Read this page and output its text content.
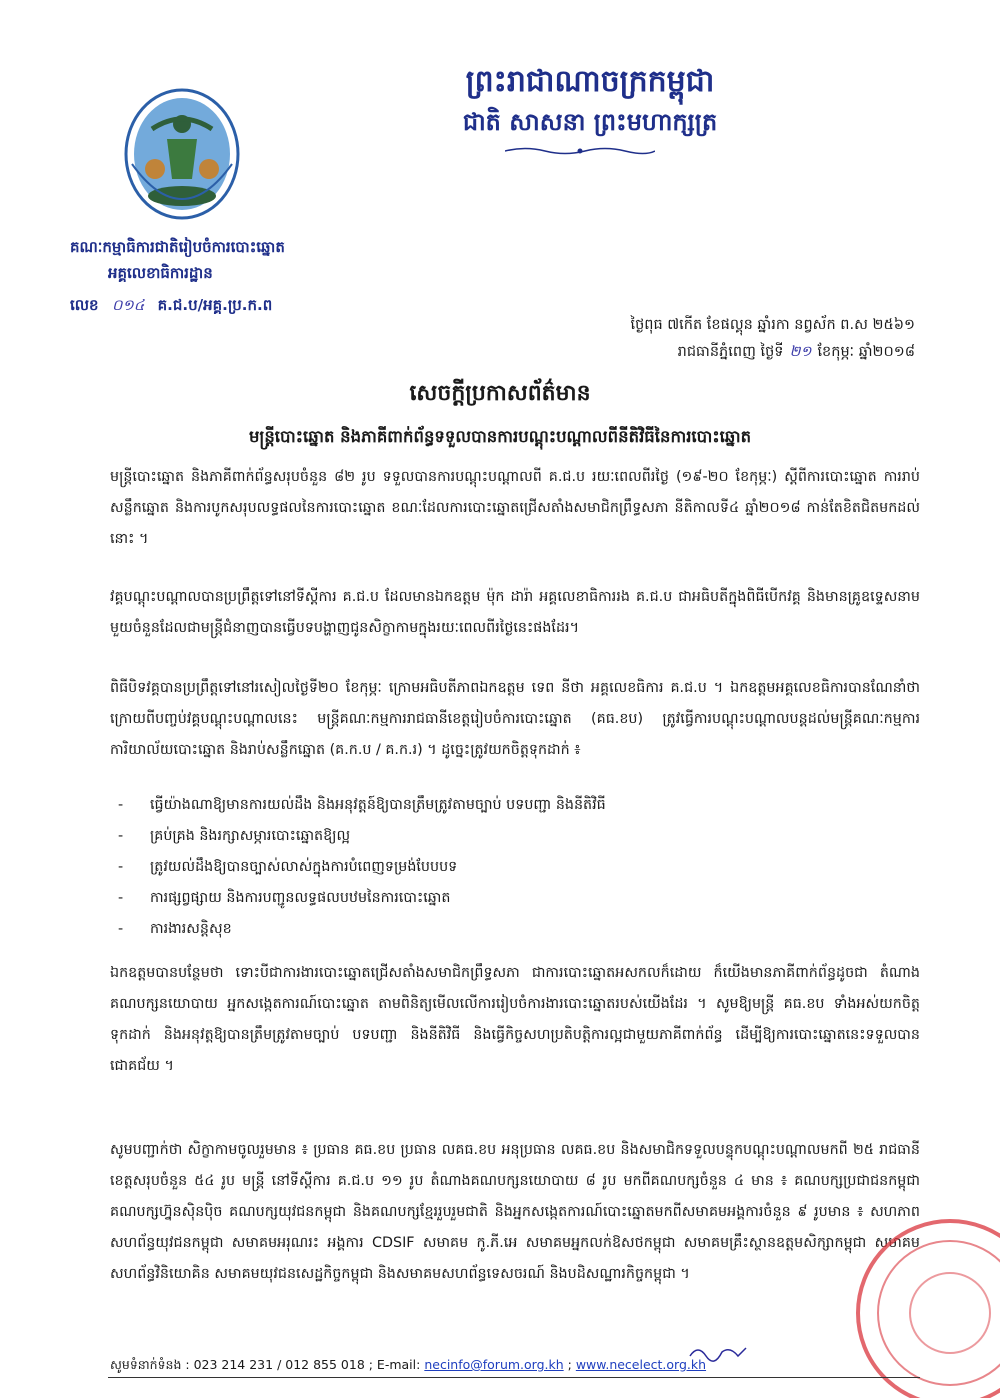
ព្រះរាជាណាចក្រកម្ពុជា
ជាតិ សាសនា ព្រះមហាក្សត្រ
គណៈកម្មាធិការជាតិរៀបចំការបោះឆ្នោត
អគ្គលេខាធិការដ្ឋាន
លេខ ០១៤ គ.ជ.ប/អគ្គ.ប្រ.ក.ព
ថ្ងៃពុធ ៧កើត ខែផល្គុន ឆ្នាំរកា នព្វស័ក ព.ស ២៥៦១
រាជធានីភ្នំពេញ ថ្ងៃទី ២១ ខែកុម្ភៈ ឆ្នាំ២០១៨
សេចក្តីប្រកាសព័ត៌មាន
មន្រ្តីបោះឆ្នោត និងភាគីពាក់ព័ន្ធទទួលបានការបណ្តុះបណ្តាលពីនីតិវិធីនៃការបោះឆ្នោត
មន្រ្តីបោះឆ្នោត និងភាគីពាក់ព័ន្ធសរុបចំនួន ៨២ រូប ទទួលបានការបណ្តុះបណ្តាលពី គ.ជ.ប រយៈពេលពីរថ្ងៃ (១៩-២០ ខែកុម្ភៈ) ស្តីពីការបោះឆ្នោត ការរាប់សន្លឹកឆ្នោត និងការបូកសរុបលទ្ធផលនៃការបោះឆ្នោត ខណៈដែលការបោះឆ្នោតជ្រើសតាំងសមាជិកព្រឹទ្ធសភា នីតិកាលទី៤ ឆ្នាំ២០១៨ កាន់តែខិតជិតមកដល់នោះ ។
វគ្គបណ្តុះបណ្តាលបានប្រព្រឹត្តទៅនៅទីស្តីការ គ.ជ.ប ដែលមានឯកឧត្តម ម៉ុក ដារ៉ា អគ្គលេខាធិការរង គ.ជ.ប ជាអធិបតីក្នុងពិធីបើកវគ្គ និងមានគ្រូឧទ្ទេសនាមមួយចំនួនដែលជាមន្រ្តីជំនាញបានធ្វើបទបង្ហាញជូនសិក្ខាកាមក្នុងរយៈពេលពីរថ្ងៃនេះផងដែរ។
ពិធីបិទវគ្គបានប្រព្រឹត្តទៅនៅរសៀលថ្ងៃទី២០ ខែកុម្ភៈ ក្រោមអធិបតីភាពឯកឧត្តម ទេព នីថា អគ្គលេខធិការ គ.ជ.ប ។ ឯកឧត្តមអគ្គលេខធិការបានណែនាំថា ក្រោយពីបញ្ចប់វគ្គបណ្តុះបណ្តាលនេះ មន្រ្តីគណៈកម្មការរាជធានីខេត្តរៀបចំការបោះឆ្នោត (គធ.ខប) ត្រូវធ្វើការបណ្តុះបណ្តាលបន្តដល់មន្រ្តីគណៈកម្មការការិយាល័យបោះឆ្នោត និងរាប់សន្លឹកឆ្នោត (គ.ក.ប / គ.ក.រ) ។ ដូច្នេះត្រូវយកចិត្តទុកដាក់ ៖
- ធ្វើយ៉ាងណាឱ្យមានការយល់ដឹង និងអនុវត្តន៍ឱ្យបានត្រឹមត្រូវតាមច្បាប់ បទបញ្ជា និងនីតិវិធី
- គ្រប់គ្រង និងរក្សាសម្ភារបោះឆ្នោតឱ្យល្អ
- ត្រូវយល់ដឹងឱ្យបានច្បាស់លាស់ក្នុងការបំពេញទម្រង់បែបបទ
- ការផ្សព្វផ្សាយ និងការបញ្ជូនលទ្ធផលបឋមនៃការបោះឆ្នោត
- ការងារសន្តិសុខ
ឯកឧត្តមបានបន្ថែមថា ទោះបីជាការងារបោះឆ្នោតជ្រើសតាំងសមាជិកព្រឹទ្ធសភា ជាការបោះឆ្នោតអសកលក៏ដោយ ក៏យើងមានភាគីពាក់ព័ន្ធដូចជា តំណាងគណបក្សនយោបាយ អ្នកសង្កេតការណ៍បោះឆ្នោត តាមពិនិត្យមើលលើការរៀបចំការងារបោះឆ្នោតរបស់យើងដែរ ។ សូមឱ្យមន្រ្តី គធ.ខប ទាំងអស់យកចិត្តទុកដាក់ និងអនុវត្តឱ្យបានត្រឹមត្រូវតាមច្បាប់ បទបញ្ជា និងនីតិវិធី និងធ្វើកិច្ចសហប្រតិបត្តិការល្អជាមួយភាគីពាក់ព័ន្ធ ដើម្បីឱ្យការបោះឆ្នោតនេះទទួលបានជោគជ័យ ។
សូមបញ្ជាក់ថា សិក្ខាកាមចូលរួមមាន ៖ ប្រធាន គធ.ខប ប្រធាន លគធ.ខប អនុប្រធាន លគធ.ខប និងសមាជិកទទួលបន្ទុកបណ្តុះបណ្តាលមកពី ២៥ រាជធានី ខេត្តសរុបចំនួន ៥៤ រូប មន្រ្តី នៅទីស្តីការ គ.ជ.ប ១១ រូប តំណាងគណបក្សនយោបាយ ៨ រូប មកពីគណបក្សចំនួន ៤ មាន ៖ គណបក្សប្រជាជនកម្ពុជា គណបក្សហ្វ៊ុនស៊ិនប៉ិច គណបក្សយុវជនកម្ពុជា និងគណបក្សខ្មែររួបរួមជាតិ និងអ្នកសង្កេតការណ៍បោះឆ្នោតមកពីសមាគមអង្គការចំនួន ៩ រូបមាន ៖ សហភាពសហព័ន្ធយុវជនកម្ពុជា សមាគមអរុណរះ អង្គការ CDSIF សមាគម កូ.ភី.អេ សមាគមអ្នកលក់ឱសថកម្ពុជា សមាគមគ្រឹះស្ថានឧត្តមសិក្សាកម្ពុជា សមាគមសហព័ន្ធវិនិយោគិន សមាគមយុវជនសេដ្ឋកិច្ចកម្ពុជា និងសមាគមសហព័ន្ធទេសចរណ៍ និងបដិសណ្ឋារកិច្ចកម្ពុជា ។
សូមទំនាក់ទំនង : 023 214 231 / 012 855 018 ; E-mail: necinfo@forum.org.kh ; www.necelect.org.kh
